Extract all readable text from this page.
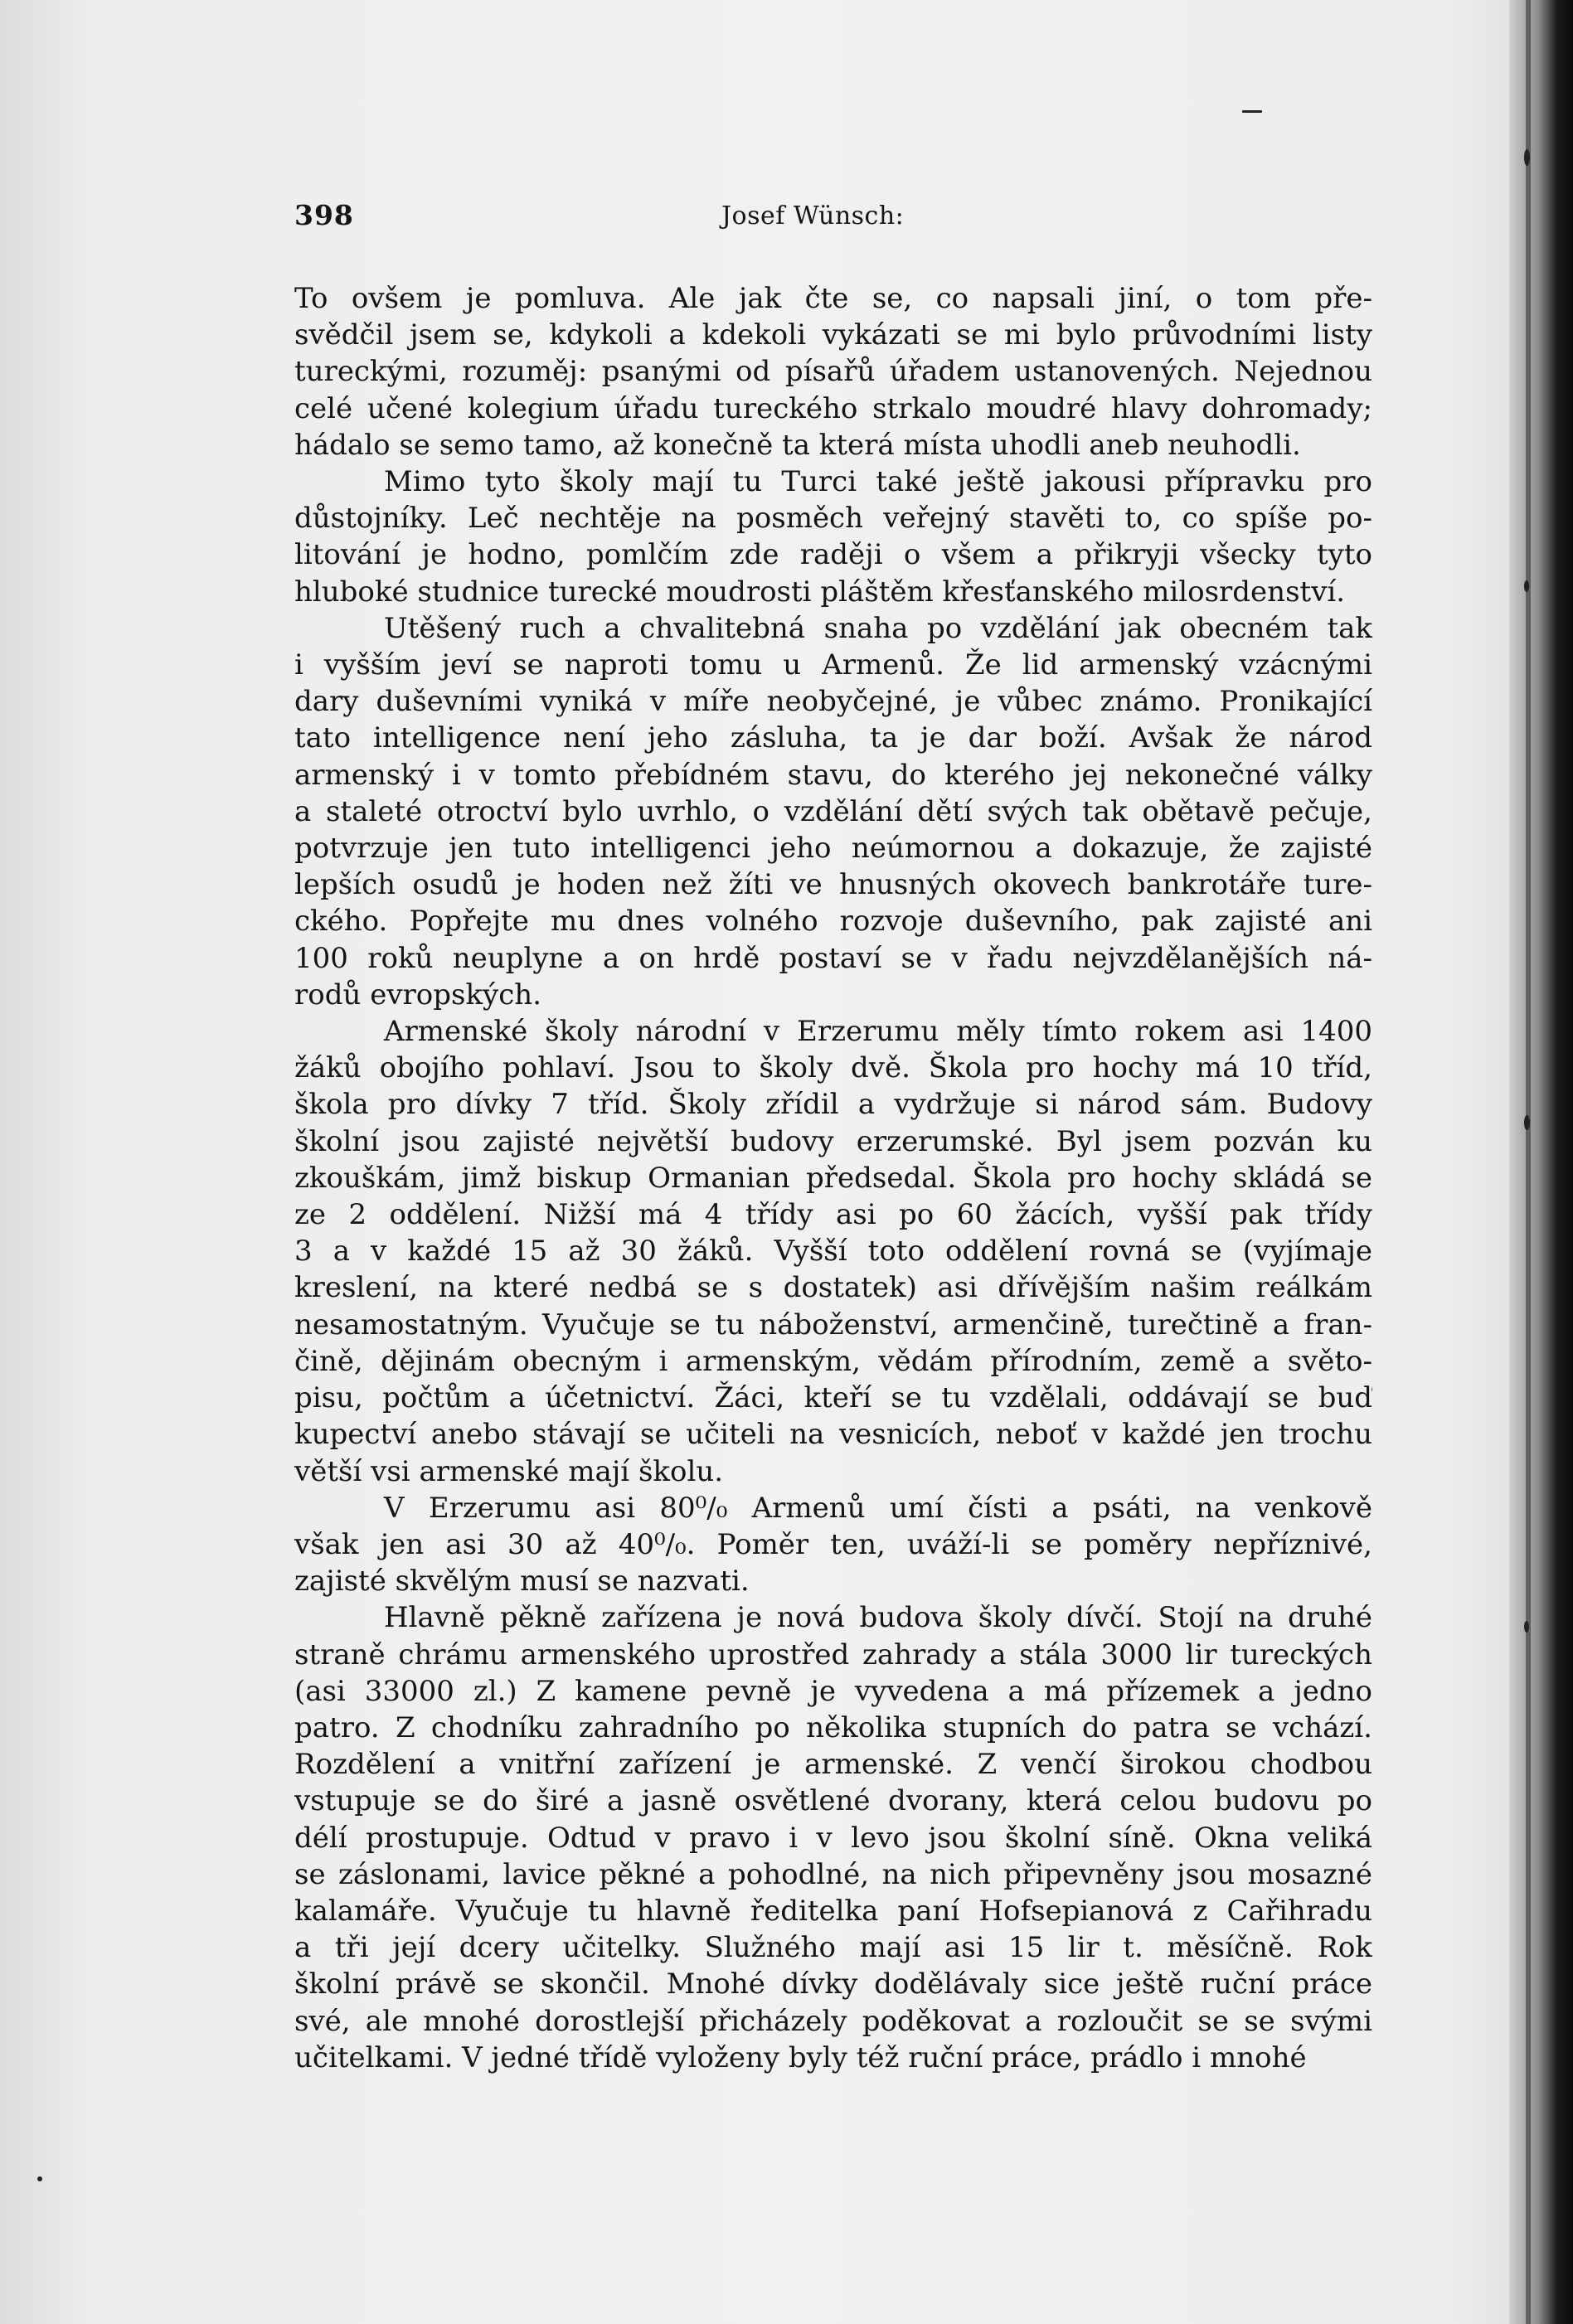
398	Josef Wünsch:
To ovšem je pomluva. Ale jak čte se, co napsali jiní, o tom pře-
svědčil jsem se, kdykoli a kdekoli vykázati se mi bylo průvodními listy
tureckými, rozuměj: psanými od písařů úřadem ustanovených. Nejednou
celé učené kolegium úřadu tureckého strkalo moudré hlavy dohromady;
hádalo se semo tamo, až konečně ta která místa uhodli aneb neuhodli.
Mimo tyto školy mají tu Turci také ještě jakousi přípravku pro
důstojníky. Leč nechtěje na posměch veřejný stavěti to, co spíše po-
litování je hodno, pomlčím zde raději o všem a přikryji všecky tyto
hluboké studnice turecké moudrosti pláštěm křesťanského milosrdenství.
Utěšený ruch a chvalitebná snaha po vzdělání jak obecném tak
i vyšším jeví se naproti tomu u Armenů. Že lid armenský vzácnými
dary duševními vyniká v míře neobyčejné, je vůbec známo. Pronikající
tato intelligence není jeho zásluha, ta je dar boží. Avšak že národ
armenský i v tomto přebídném stavu, do kterého jej nekonečné války
a staleté otroctví bylo uvrhlo, o vzdělání dětí svých tak obětavě pečuje,
potvrzuje jen tuto intelligenci jeho neúmornou a dokazuje, že zajisté
lepších osudů je hoden než žíti ve hnusných okovech bankrotáře ture-
ckého. Popřejte mu dnes volného rozvoje duševního, pak zajisté ani
100 roků neuplyne a on hrdě postaví se v řadu nejvzdělanějších ná-
rodů evropských.
Armenské školy národní v Erzerumu měly tímto rokem asi 1400
žáků obojího pohlaví. Jsou to školy dvě. Škola pro hochy má 10 tříd,
škola pro dívky 7 tříd. Školy zřídil a vydržuje si národ sám. Budovy
školní jsou zajisté největší budovy erzerumské. Byl jsem pozván ku
zkouškám, jimž biskup Ormanian předsedal. Škola pro hochy skládá se
ze 2 oddělení. Nižší má 4 třídy asi po 60 žácích, vyšší pak třídy
3 a v každé 15 až 30 žáků. Vyšší toto oddělení rovná se (vyjímaje
kreslení, na které nedbá se s dostatek) asi dřívějším našim reálkám
nesamostatným. Vyučuje se tu náboženství, armenčině, turečtině a fran-
čině, dějinám obecným i armenským, vědám přírodním, země a světo-
pisu, počtům a účetnictví. Žáci, kteří se tu vzdělali, oddávají se buď
kupectví anebo stávají se učiteli na vesnicích, neboť v každé jen trochu
větší vsi armenské mají školu.
V Erzerumu asi 80⁰/₀ Armenů umí čísti a psáti, na venkově
však jen asi 30 až 40⁰/₀. Poměr ten, uváží-li se poměry nepříznivé,
zajisté skvělým musí se nazvati.
Hlavně pěkně zařízena je nová budova školy dívčí. Stojí na druhé
straně chrámu armenského uprostřed zahrady a stála 3000 lir tureckých
(asi 33000 zl.) Z kamene pevně je vyvedena a má přízemek a jedno
patro. Z chodníku zahradního po několika stupních do patra se vchází.
Rozdělení a vnitřní zařízení je armenské. Z venčí širokou chodbou
vstupuje se do širé a jasně osvětlené dvorany, která celou budovu po
délí prostupuje. Odtud v pravo i v levo jsou školní síně. Okna veliká
se záslonami, lavice pěkné a pohodlné, na nich připevněny jsou mosazné
kalamáře. Vyučuje tu hlavně ředitelka paní Hofsepianová z Cařihradu
a tři její dcery učitelky. Služného mají asi 15 lir t. měsíčně. Rok
školní právě se skončil. Mnohé dívky dodělávaly sice ještě ruční práce
své, ale mnohé dorostlejší přicházely poděkovat a rozloučit se se svými
učitelkami. V jedné třídě vyloženy byly též ruční práce, prádlo i mnohé
